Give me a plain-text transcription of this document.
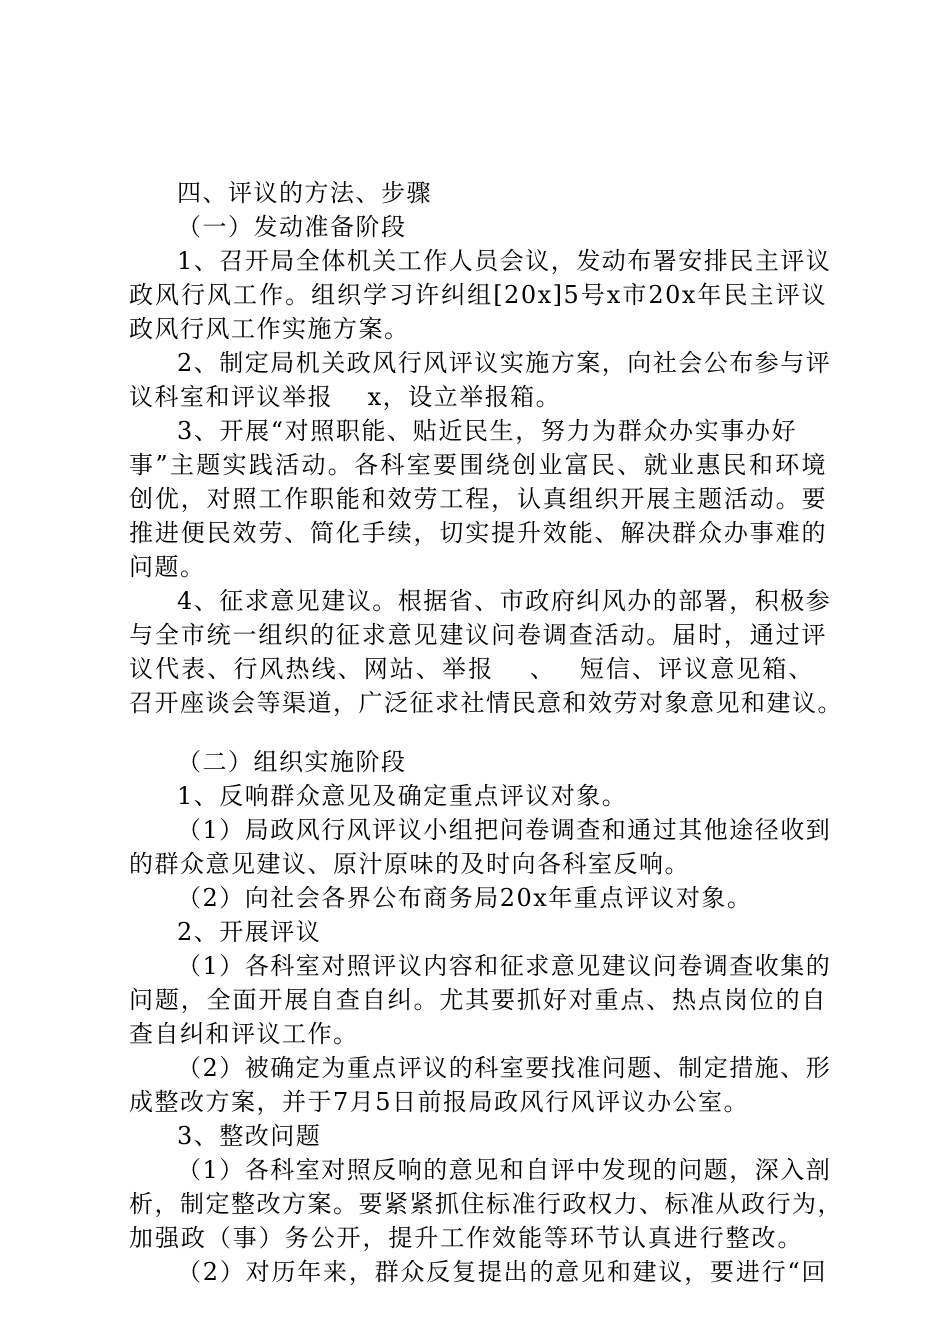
四、评议的方法、步骤
（一）发动准备阶段
1、召开局全体机关工作人员会议，发动布署安排民主评议
政风行风工作。组织学习许纠组[20x]5号x市20x年民主评议
政风行风工作实施方案。
2、制定局机关政风行风评议实施方案，向社会公布参与评
议科室和评议举报　 x，设立举报箱。
3、开展“对照职能、贴近民生，努力为群众办实事办好
事”主题实践活动。各科室要围绕创业富民、就业惠民和环境
创优，对照工作职能和效劳工程，认真组织开展主题活动。要
推进便民效劳、简化手续，切实提升效能、解决群众办事难的
问题。
4、征求意见建议。根据省、市政府纠风办的部署，积极参
与全市统一组织的征求意见建议问卷调查活动。届时，通过评
议代表、行风热线、网站、举报　 、　 短信、评议意见箱、
召开座谈会等渠道，广泛征求社情民意和效劳对象意见和建议。
（二）组织实施阶段
1、反响群众意见及确定重点评议对象。
（1）局政风行风评议小组把问卷调查和通过其他途径收到
的群众意见建议、原汁原味的及时向各科室反响。
（2）向社会各界公布商务局20x年重点评议对象。
2、开展评议
（1）各科室对照评议内容和征求意见建议问卷调查收集的
问题，全面开展自查自纠。尤其要抓好对重点、热点岗位的自
查自纠和评议工作。
（2）被确定为重点评议的科室要找准问题、制定措施、形
成整改方案，并于7月5日前报局政风行风评议办公室。
3、整改问题
（1）各科室对照反响的意见和自评中发现的问题，深入剖
析，制定整改方案。要紧紧抓住标准行政权力、标准从政行为，
加强政（事）务公开，提升工作效能等环节认真进行整改。
（2）对历年来，群众反复提出的意见和建议，要进行“回
